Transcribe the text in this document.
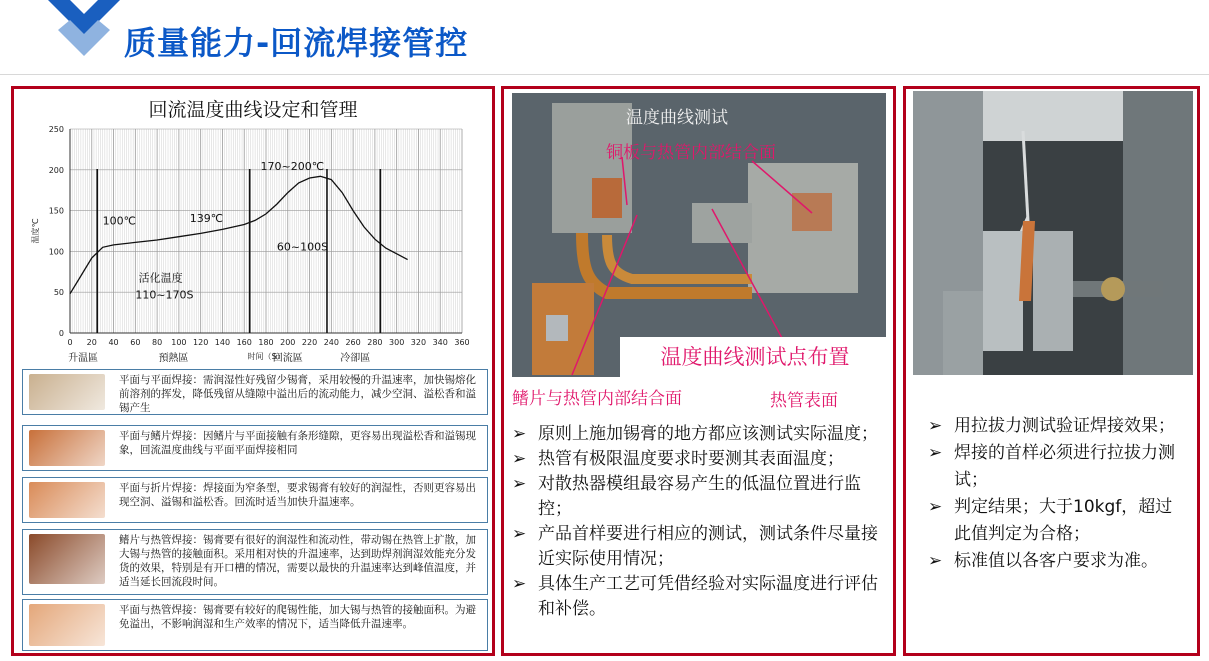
质量能力-回流焊接管控
回流温度曲线设定和管理
0 20 40 60 80 100 120 140 160 180 200 220 240 260 280 300 320 340 360
0
50
100
150
200
250
时间（S）
温度℃
升温區	預熱區	回流區	冷卻區
100℃	139℃
170~200℃
60~100S
活化温度
110~170S
平面与平面焊接：需润湿性好残留少锡膏，采用较慢的升温速率，加快锡熔化前溶剂的挥发，降低残留从缝隙中溢出后的流动能力，减少空洞、溢松香和溢锡产生
平面与鳍片焊接：因鳍片与平面接触有条形缝隙，更容易出现溢松香和溢锡现象，回流温度曲线与平面平面焊接相同
平面与折片焊接：焊接面为窄条型，要求锡膏有较好的润湿性，否则更容易出现空洞、溢锡和溢松香。回流时适当加快升温速率。
鳍片与热管焊接：锡膏要有很好的润湿性和流动性，带动锡在热管上扩散，加大锡与热管的接触面积。采用相对快的升温速率，达到助焊剂润湿效能充分发货的效果，特别是有开口槽的情况，需要以最快的升温速率达到峰值温度，并适当延长回流段时间。
平面与热管焊接：锡膏要有较好的爬锡性能，加大锡与热管的接触面积。为避免溢出，不影响润湿和生产效率的情况下，适当降低升温速率。
温度曲线测试
铜板与热管内部结合面
温度曲线测试点布置
鳍片与热管内部结合面	热管表面
➢ 原则上施加锡膏的地方都应该测试实际温度；
➢ 热管有极限温度要求时要测其表面温度；
➢ 对散热器模组最容易产生的低温位置进行监控；
➢ 产品首样要进行相应的测试，测试条件尽量接近实际使用情况；
➢ 具体生产工艺可凭借经验对实际温度进行评估和补偿。
➢ 用拉拔力测试验证焊接效果；
➢ 焊接的首样必须进行拉拔力测试；
➢ 判定结果；大于10kgf，超过此值判定为合格；
➢ 标准值以各客户要求为准。
